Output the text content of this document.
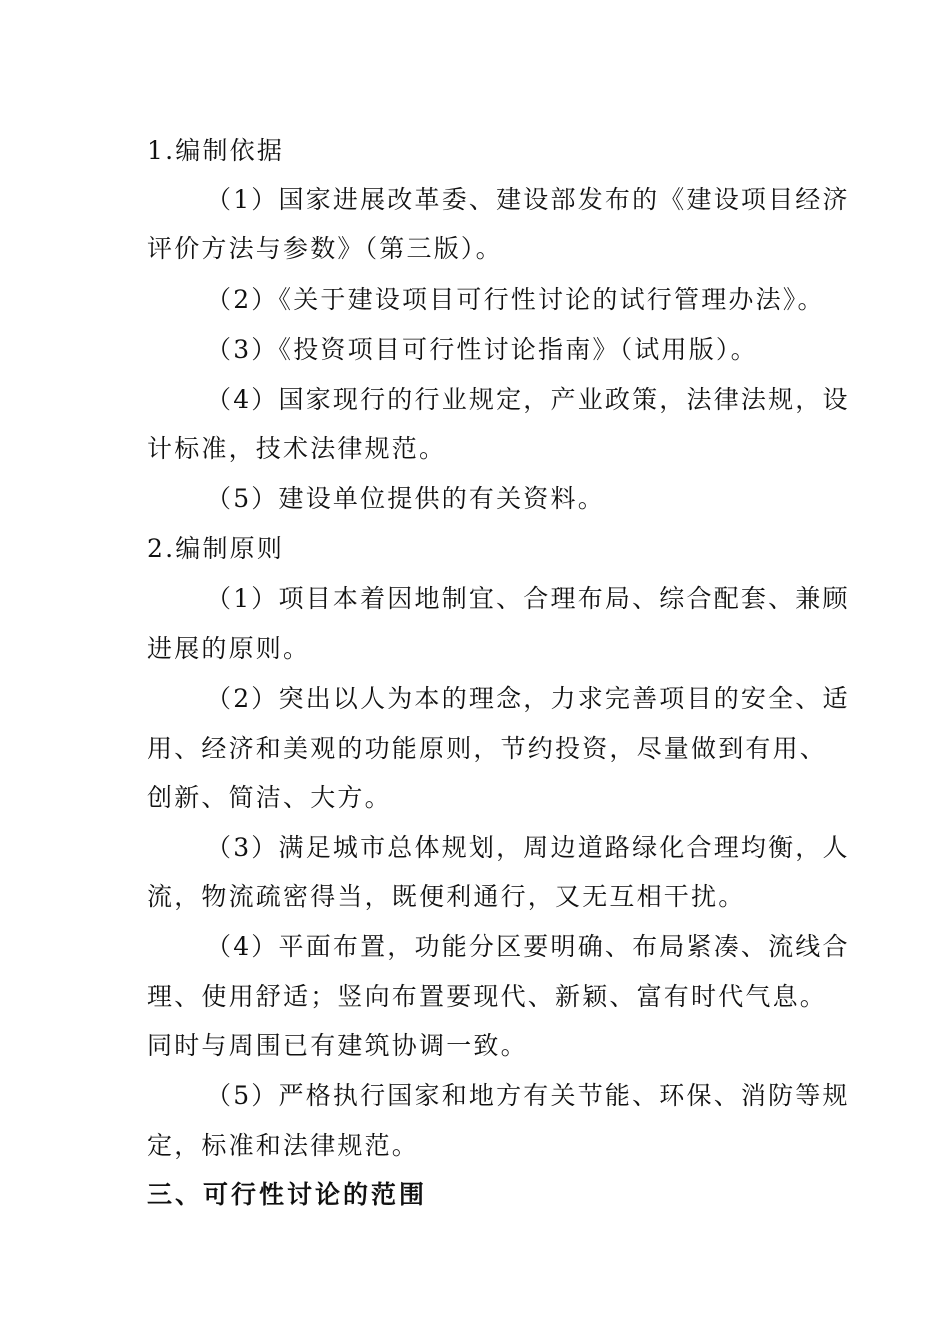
1.编制依据
（1）国家进展改革委、建设部发布的《建设项目经济
评价方法与参数》（第三版）。
（2）《关于建设项目可行性讨论的试行管理办法》。
（3）《投资项目可行性讨论指南》（试用版）。
（4）国家现行的行业规定，产业政策，法律法规，设
计标准，技术法律规范。
（5）建设单位提供的有关资料。
2.编制原则
（1）项目本着因地制宜、合理布局、综合配套、兼顾
进展的原则。
（2）突出以人为本的理念，力求完善项目的安全、适
用、经济和美观的功能原则，节约投资，尽量做到有用、
创新、简洁、大方。
（3）满足城市总体规划，周边道路绿化合理均衡，人
流，物流疏密得当，既便利通行，又无互相干扰。
（4）平面布置，功能分区要明确、布局紧凑、流线合
理、使用舒适；竖向布置要现代、新颖、富有时代气息。
同时与周围已有建筑协调一致。
（5）严格执行国家和地方有关节能、环保、消防等规
定，标准和法律规范。
三、可行性讨论的范围
